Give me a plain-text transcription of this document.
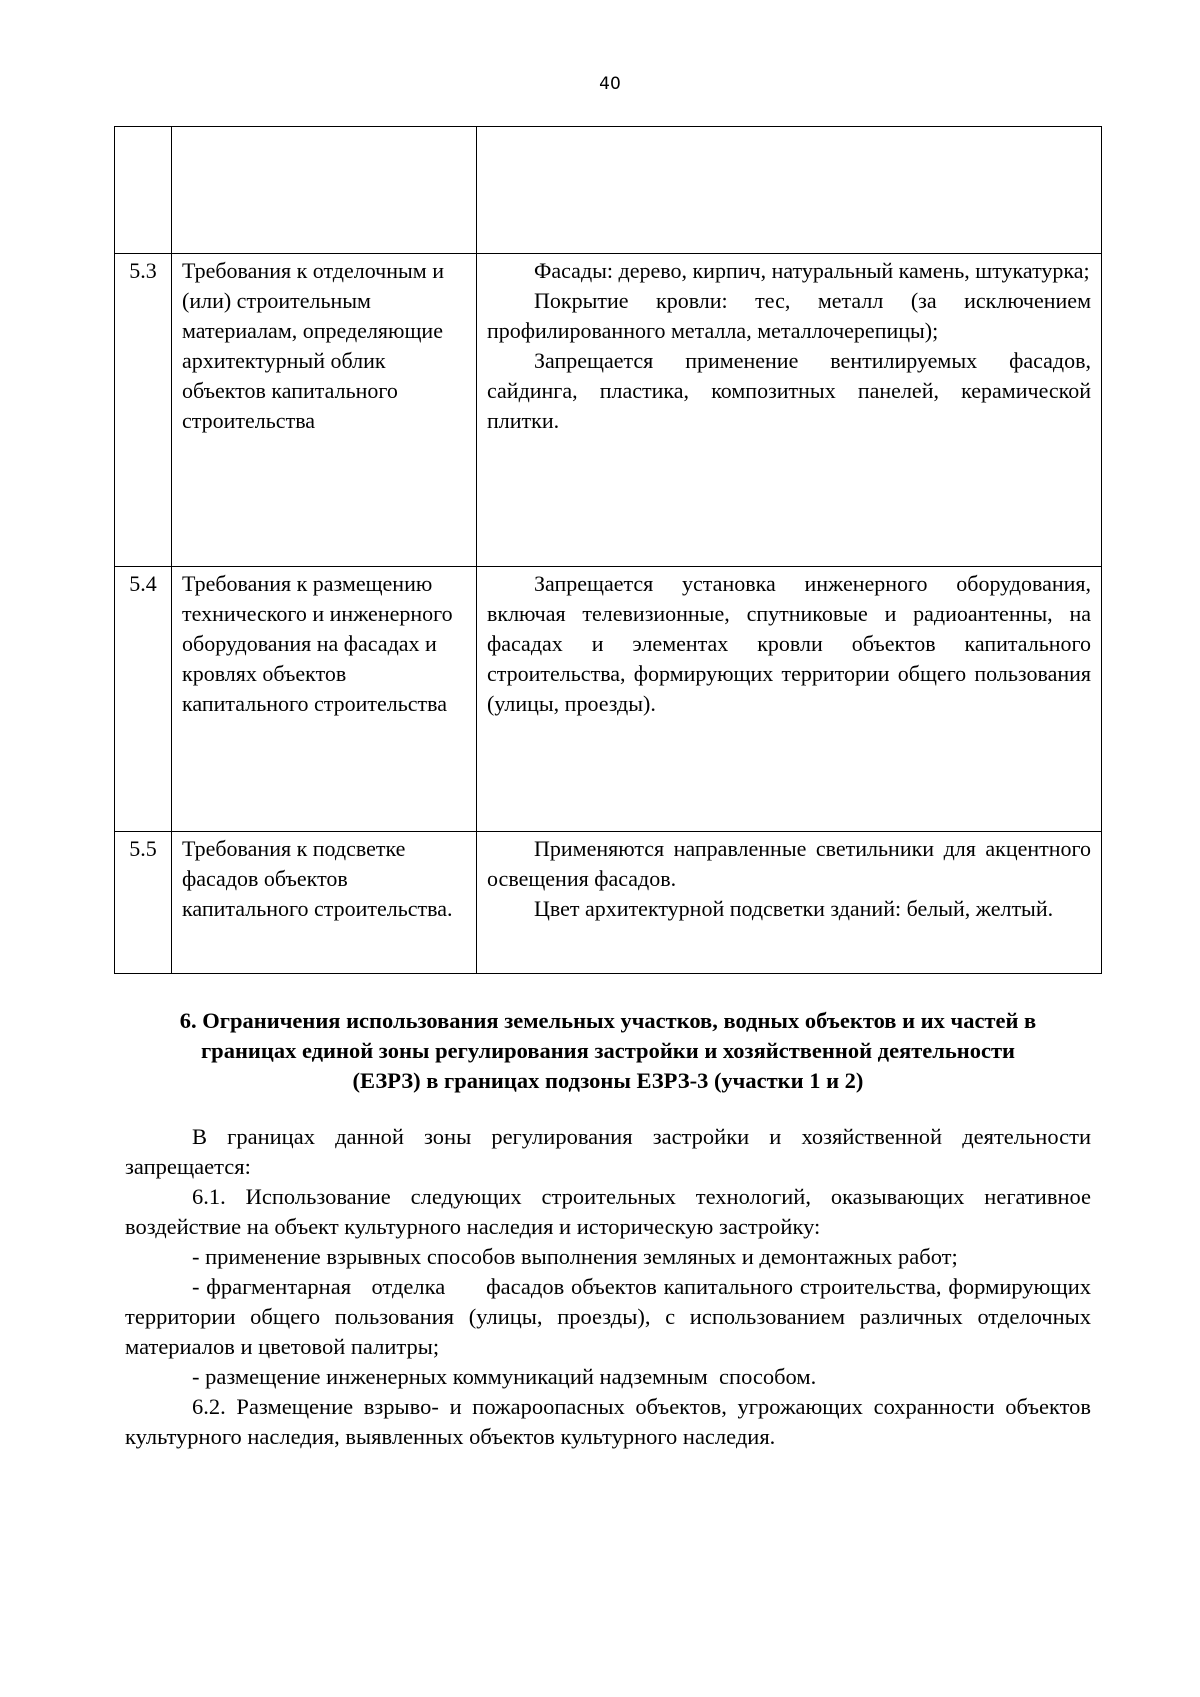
40

5.3	Требования к отделочным и (или) строительным материалам, определяющие архитектурный облик объектов капитального строительства	Фасады: дерево, кирпич, натуральный камень, штукатурка;

Покрытие кровли: тес, металл (за исключением профилированного металла, металлочерепицы);

Запрещается применение вентилируемых фасадов, сайдинга, пластика, композитных панелей, керамической плитки.

5.4	Требования к размещению технического и инженерного оборудования на фасадах и кровлях объектов капитального строительства	Запрещается установка инженерного оборудования, включая телевизионные, спутниковые и радиоантенны, на фасадах и элементах кровли объектов капитального строительства, формирующих территории общего пользования (улицы, проезды).

5.5	Требования к подсветке фасадов объектов капитального строительства.	Применяются направленные светильники для акцентного освещения фасадов.

Цвет архитектурной подсветки зданий: белый, желтый.

6. Ограничения использования земельных участков, водных объектов и их частей в границах единой зоны регулирования застройки и хозяйственной деятельности (ЕЗРЗ) в границах подзоны ЕЗРЗ-3 (участки 1 и 2)

В границах данной зоны регулирования застройки и хозяйственной деятельности запрещается:

6.1. Использование следующих строительных технологий, оказывающих негативное воздействие на объект культурного наследия и историческую застройку:

- применение взрывных способов выполнения земляных и демонтажных работ;

- фрагментарная   отделка      фасадов объектов капитального строительства, формирующих территории общего пользования (улицы, проезды), с использованием различных отделочных материалов и цветовой палитры;

- размещение инженерных коммуникаций надземным  способом.

6.2. Размещение взрыво- и пожароопасных объектов, угрожающих сохранности объектов культурного наследия, выявленных объектов культурного наследия.
